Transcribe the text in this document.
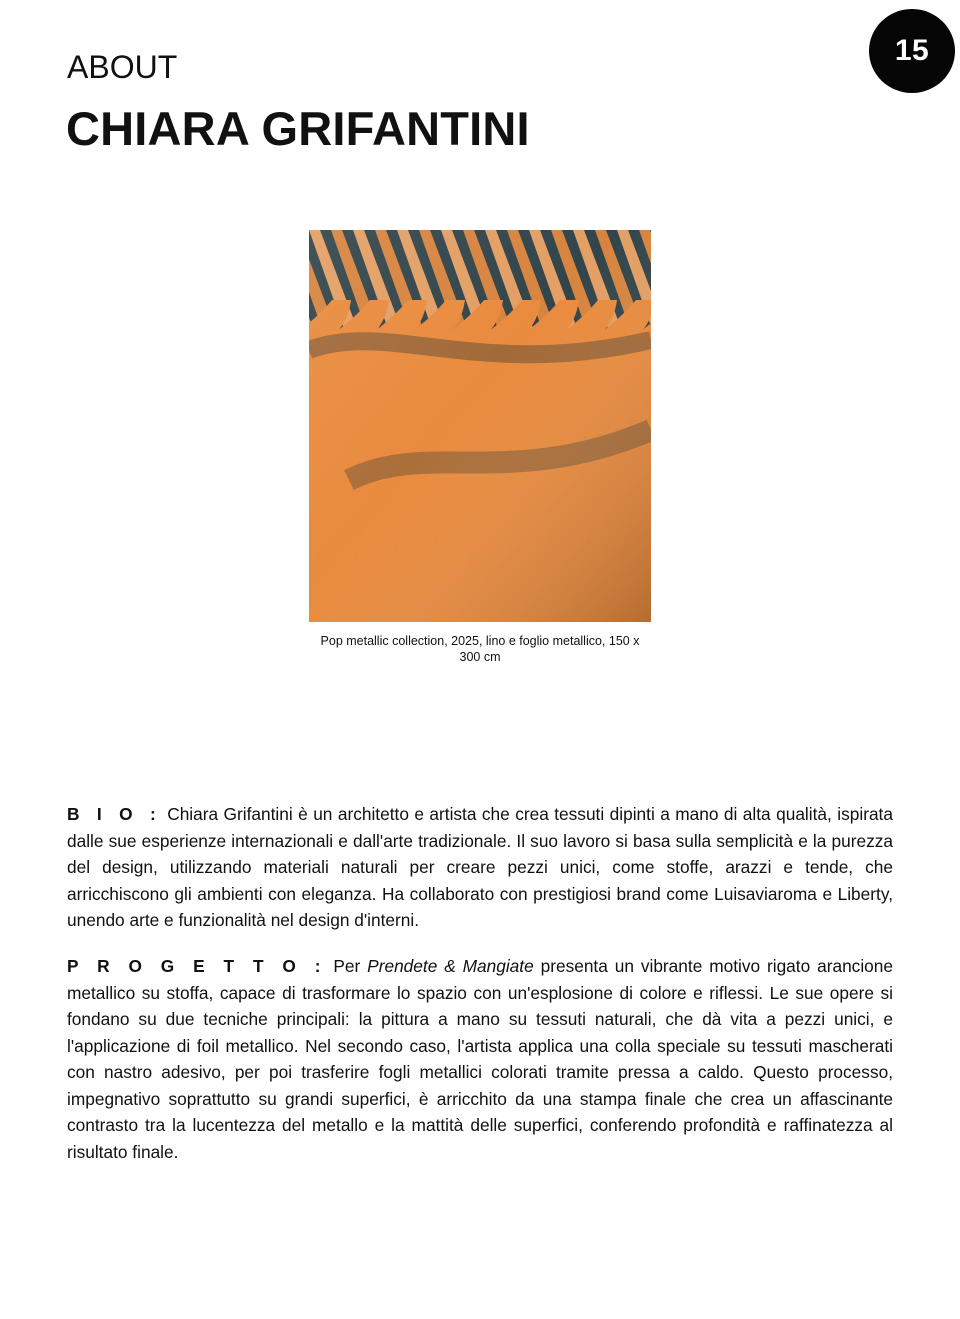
15
ABOUT
CHIARA GRIFANTINI
Pop metallic collection, 2025, lino e foglio metallico, 150 x 300 cm

B I O : Chiara Grifantini è un architetto e artista che crea tessuti dipinti a mano di alta qualità, ispirata dalle sue esperienze internazionali e dall'arte tradizionale. Il suo lavoro si basa sulla semplicità e la purezza del design, utilizzando materiali naturali per creare pezzi unici, come stoffe, arazzi e tende, che arricchiscono gli ambienti con eleganza. Ha collaborato con prestigiosi brand come Luisaviaroma e Liberty, unendo arte e funzionalità nel design d'interni.

P R O G E T T O : Per Prendete & Mangiate presenta un vibrante motivo rigato arancione metallico su stoffa, capace di trasformare lo spazio con un'esplosione di colore e riflessi. Le sue opere si fondano su due tecniche principali: la pittura a mano su tessuti naturali, che dà vita a pezzi unici, e l'applicazione di foil metallico. Nel secondo caso, l'artista applica una colla speciale su tessuti mascherati con nastro adesivo, per poi trasferire fogli metallici colorati tramite pressa a caldo. Questo processo, impegnativo soprattutto su grandi superfici, è arricchito da una stampa finale che crea un affascinante contrasto tra la lucentezza del metallo e la mattità delle superfici, conferendo profondità e raffinatezza al risultato finale.
